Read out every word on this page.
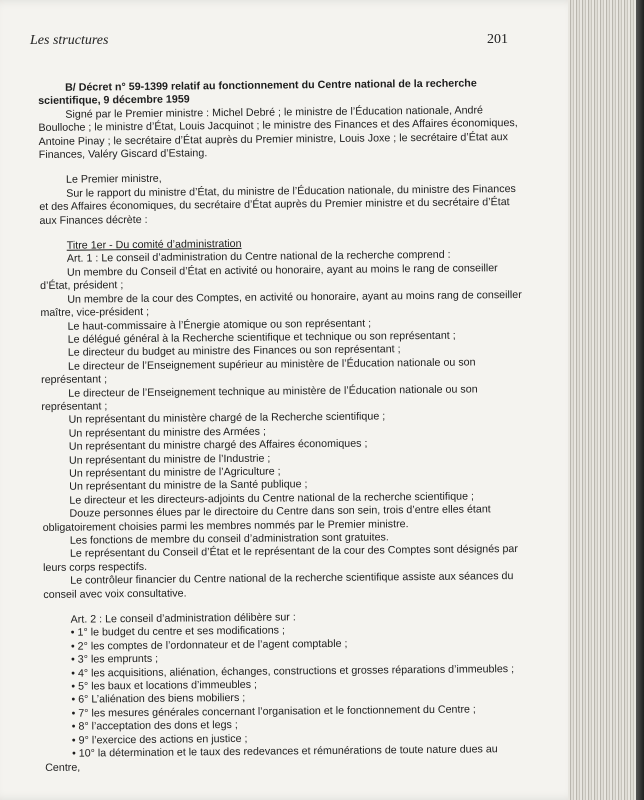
Les structures	201

B/ Décret n° 59-1399 relatif au fonctionnement du Centre national de la recherche scientifique, 9 décembre 1959

Signé par le Premier ministre : Michel Debré ; le ministre de l’Éducation nationale, André Boulloche ; le ministre d’État, Louis Jacquinot ; le ministre des Finances et des Affaires économiques, Antoine Pinay ; le secrétaire d’État auprès du Premier ministre, Louis Joxe ; le secrétaire d’État aux Finances, Valéry Giscard d’Estaing.

Le Premier ministre,

Sur le rapport du ministre d’État, du ministre de l’Éducation nationale, du ministre des Finances et des Affaires économiques, du secrétaire d’État auprès du Premier ministre et du secrétaire d’État aux Finances décrète :

Titre 1er - Du comité d’administration

Art. 1 : Le conseil d’administration du Centre national de la recherche comprend :

Un membre du Conseil d’État en activité ou honoraire, ayant au moins le rang de conseiller d’État, président ;

Un membre de la cour des Comptes, en activité ou honoraire, ayant au moins rang de conseiller maître, vice-président ;

Le haut-commissaire à l’Énergie atomique ou son représentant ;

Le délégué général à la Recherche scientifique et technique ou son représentant ;

Le directeur du budget au ministre des Finances ou son représentant ;

Le directeur de l’Enseignement supérieur au ministère de l’Éducation nationale ou son représentant ;

Le directeur de l’Enseignement technique au ministère de l’Éducation nationale ou son représentant ;

Un représentant du ministère chargé de la Recherche scientifique ;

Un représentant du ministre des Armées ;

Un représentant du ministre chargé des Affaires économiques ;

Un représentant du ministre de l’Industrie ;

Un représentant du ministre de l’Agriculture ;

Un représentant du ministre de la Santé publique ;

Le directeur et les directeurs-adjoints du Centre national de la recherche scientifique ;

Douze personnes élues par le directoire du Centre dans son sein, trois d’entre elles étant obligatoirement choisies parmi les membres nommés par le Premier ministre.

Les fonctions de membre du conseil d’administration sont gratuites.

Le représentant du Conseil d’État et le représentant de la cour des Comptes sont désignés par leurs corps respectifs.

Le contrôleur financier du Centre national de la recherche scientifique assiste aux séances du conseil avec voix consultative.

Art. 2 : Le conseil d’administration délibère sur :

• 1° le budget du centre et ses modifications ;

• 2° les comptes de l’ordonnateur et de l’agent comptable ;

• 3° les emprunts ;

• 4° les acquisitions, aliénation, échanges, constructions et grosses réparations d’immeubles ;

• 5° les baux et locations d’immeubles ;

• 6° L’aliénation des biens mobiliers ;

• 7° les mesures générales concernant l’organisation et le fonctionnement du Centre ;

• 8° l’acceptation des dons et legs ;

• 9° l’exercice des actions en justice ;

• 10° la détermination et le taux des redevances et rémunérations de toute nature dues au Centre,
